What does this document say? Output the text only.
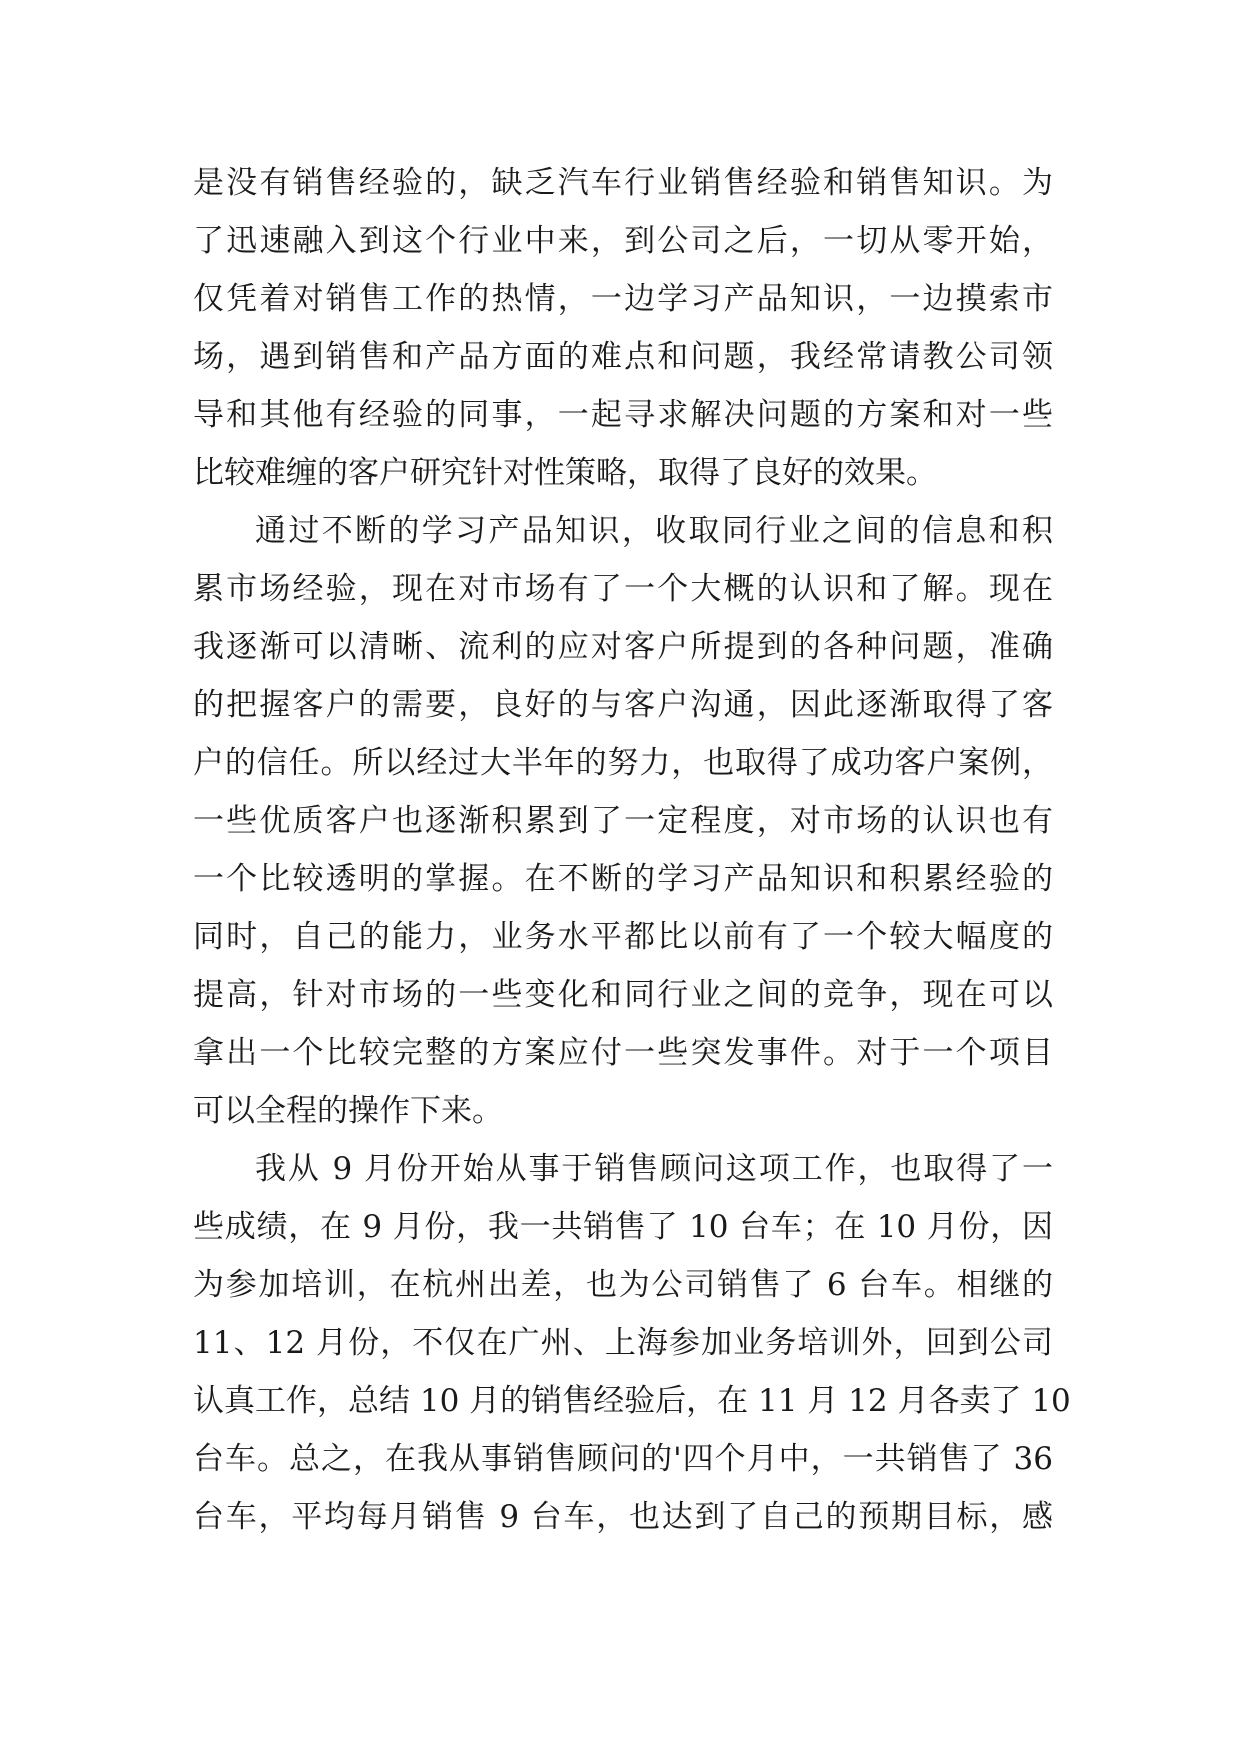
是没有销售经验的，缺乏汽车行业销售经验和销售知识。为
了迅速融入到这个行业中来，到公司之后，一切从零开始，
仅凭着对销售工作的热情，一边学习产品知识，一边摸索市
场，遇到销售和产品方面的难点和问题，我经常请教公司领
导和其他有经验的同事，一起寻求解决问题的方案和对一些
比较难缠的客户研究针对性策略，取得了良好的效果。
通过不断的学习产品知识，收取同行业之间的信息和积
累市场经验，现在对市场有了一个大概的认识和了解。现在
我逐渐可以清晰、流利的应对客户所提到的各种问题，准确
的把握客户的需要，良好的与客户沟通，因此逐渐取得了客
户的信任。所以经过大半年的努力，也取得了成功客户案例，
一些优质客户也逐渐积累到了一定程度，对市场的认识也有
一个比较透明的掌握。在不断的学习产品知识和积累经验的
同时，自己的能力，业务水平都比以前有了一个较大幅度的
提高，针对市场的一些变化和同行业之间的竞争，现在可以
拿出一个比较完整的方案应付一些突发事件。对于一个项目
可以全程的操作下来。
我从 9 月份开始从事于销售顾问这项工作，也取得了一
些成绩，在 9 月份，我一共销售了 10 台车；在 10 月份，因
为参加培训，在杭州出差，也为公司销售了 6 台车。相继的
11、12 月份，不仅在广州、上海参加业务培训外，回到公司
认真工作，总结 10 月的销售经验后，在 11 月 12 月各卖了 10
台车。总之，在我从事销售顾问的'四个月中，一共销售了 36
台车，平均每月销售 9 台车，也达到了自己的预期目标，感
